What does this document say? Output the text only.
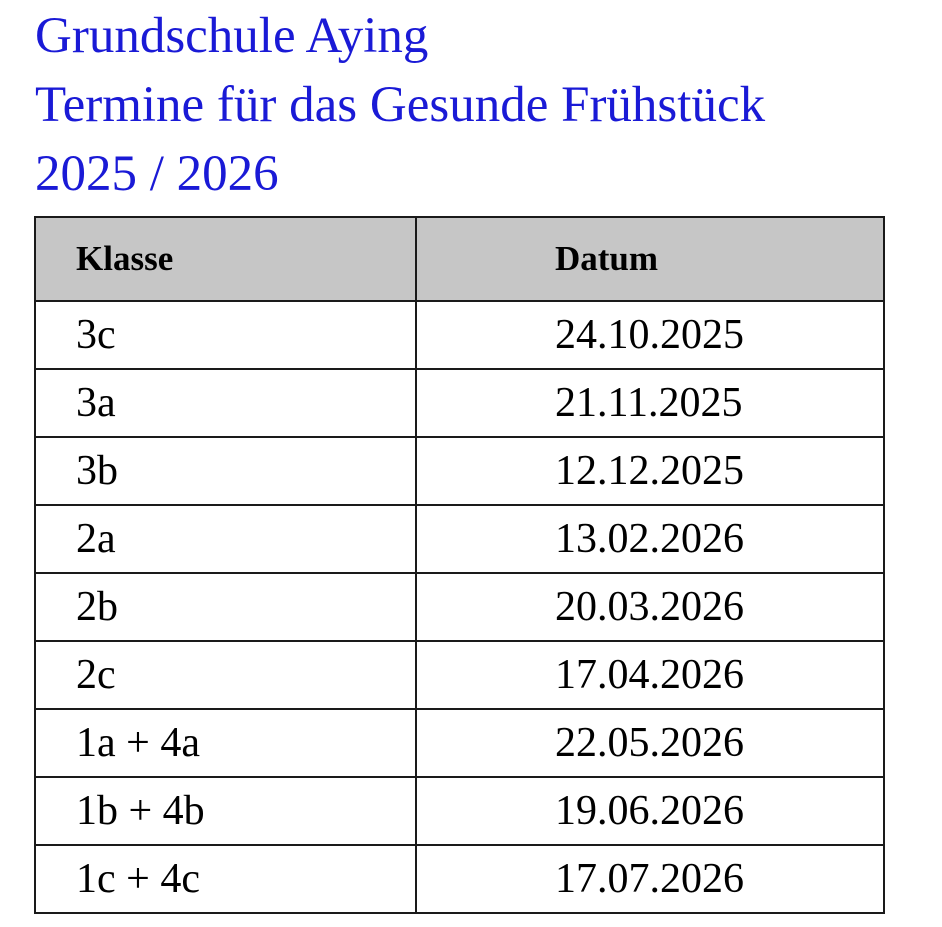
Grundschule Aying
Termine für das Gesunde Frühstück
2025 / 2026
Klasse	Datum
3c	24.10.2025
3a	21.11.2025
3b	12.12.2025
2a	13.02.2026
2b	20.03.2026
2c	17.04.2026
1a + 4a	22.05.2026
1b + 4b	19.06.2026
1c + 4c	17.07.2026
